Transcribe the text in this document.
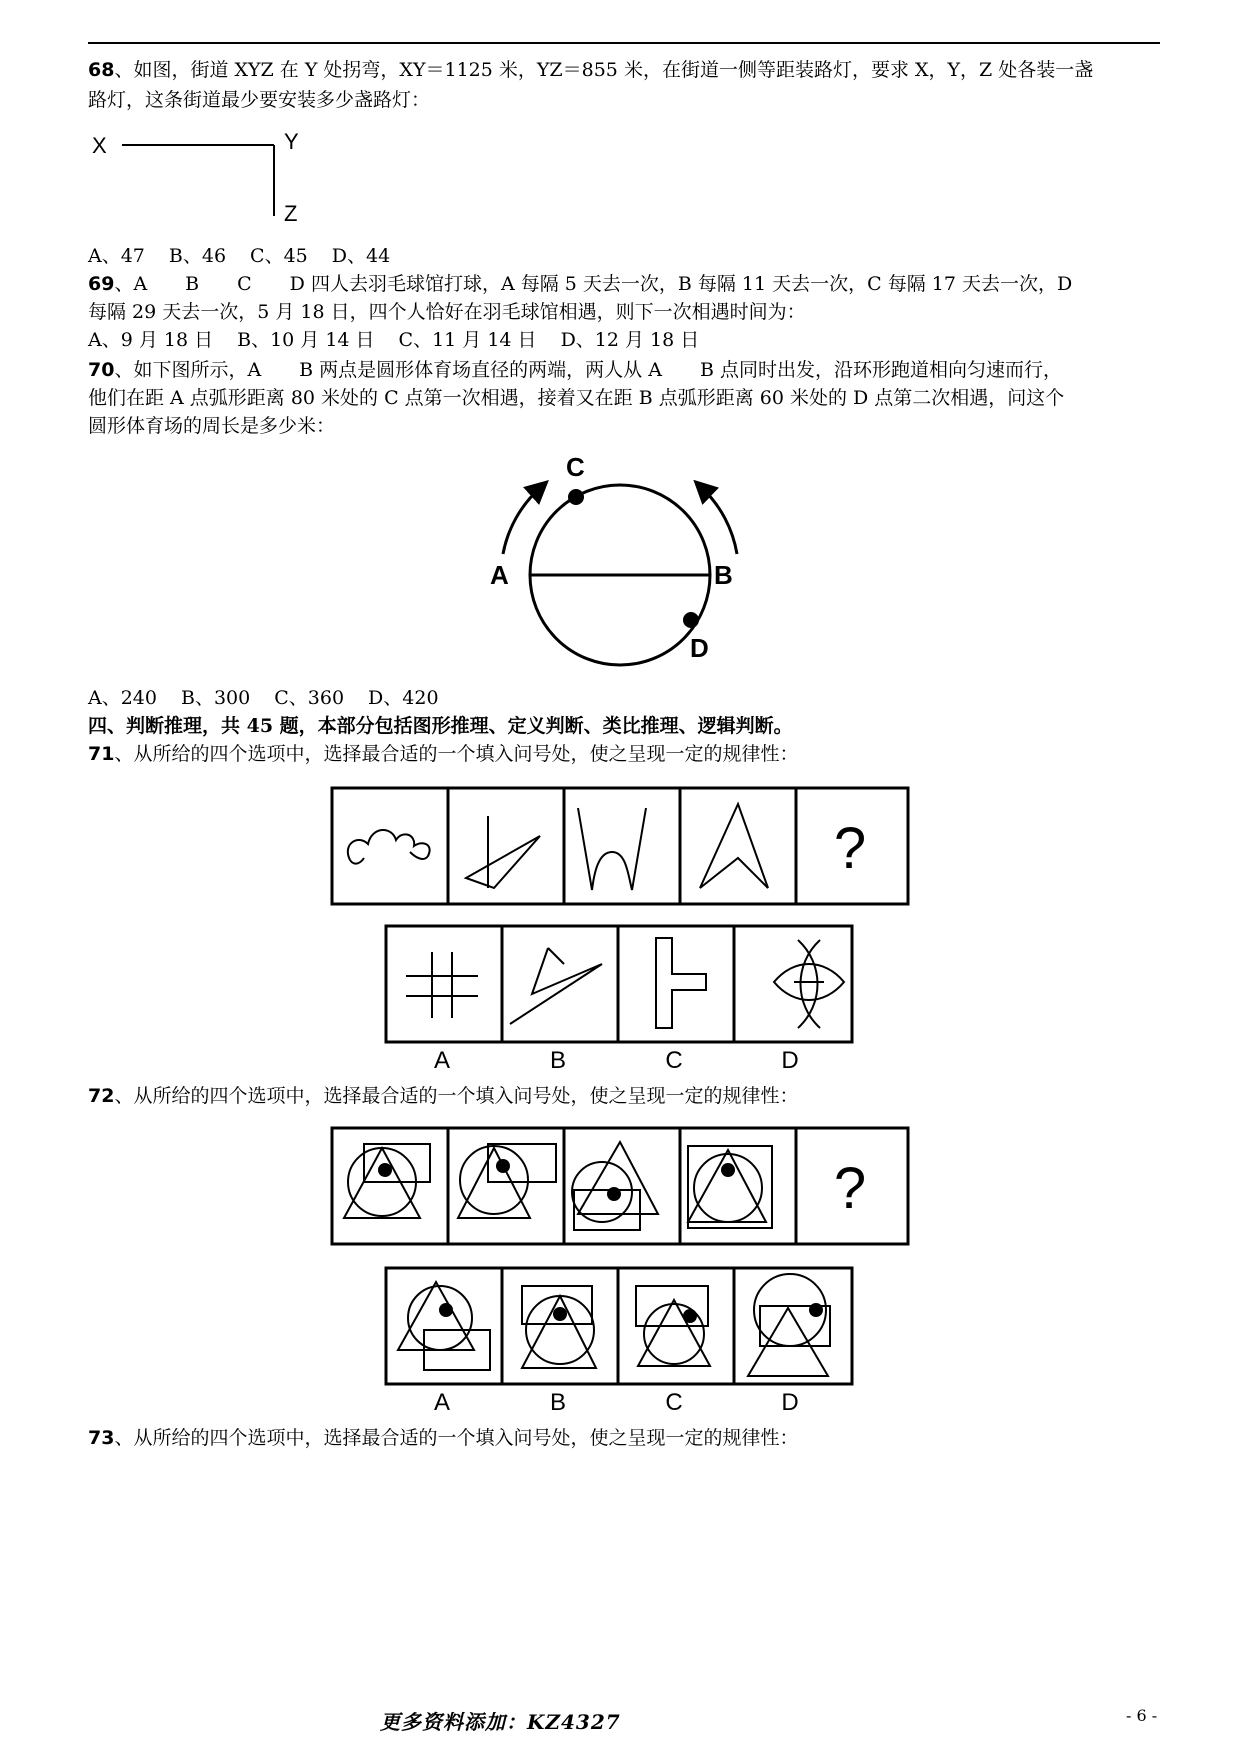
68、如图，街道 XYZ 在 Y 处拐弯，XY＝1125 米，YZ＝855 米，在街道一侧等距装路灯，要求 X，Y，Z 处各装一盏
路灯，这条街道最少要安装多少盏路灯：
X	Y
Z
A、47 B、46 C、45 D、44
69、A　　B　　C　　D 四人去羽毛球馆打球，A 每隔 5 天去一次，B 每隔 11 天去一次，C 每隔 17 天去一次，D
每隔 29 天去一次，5 月 18 日，四个人恰好在羽毛球馆相遇，则下一次相遇时间为：
A、9 月 18 日 B、10 月 14 日 C、11 月 14 日 D、12 月 18 日
70、如下图所示，A　　B 两点是圆形体育场直径的两端，两人从 A　　B 点同时出发，沿环形跑道相向匀速而行，
他们在距 A 点弧形距离 80 米处的 C 点第一次相遇，接着又在距 B 点弧形距离 60 米处的 D 点第二次相遇，问这个
圆形体育场的周长是多少米：
C
A	B
D
A、240 B、300 C、360 D、420
四、判断推理，共 45 题，本部分包括图形推理、定义判断、类比推理、逻辑判断。
71、从所给的四个选项中，选择最合适的一个填入问号处，使之呈现一定的规律性：
?
A	B	C	D
72、从所给的四个选项中，选择最合适的一个填入问号处，使之呈现一定的规律性：
?
A	B	C	D
73、从所给的四个选项中，选择最合适的一个填入问号处，使之呈现一定的规律性：
更多资料添加：KZ4327	- 6 -
